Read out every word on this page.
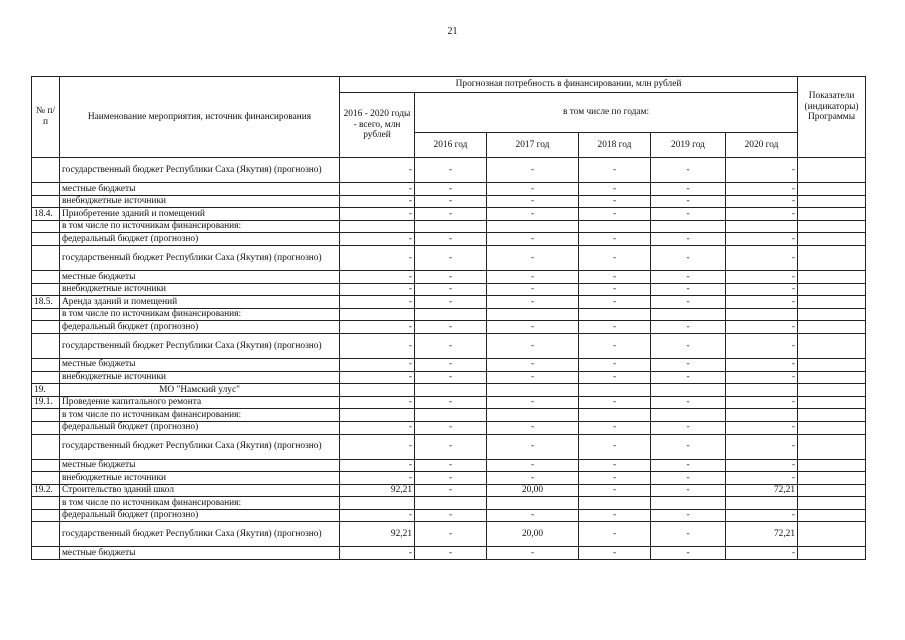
21
№ п/п	Наименование мероприятия, источник финансирования	Прогнозная потребность в финансировании, млн рублей						Показатели (индикаторы) Программы
		2016 - 2020 годы - всего, млн рублей	в том числе по годам:					
			2016 год	2017 год	2018 год	2019 год	2020 год	
	государственный бюджет Республики Саха (Якутия) (прогнозно)	-	-	-	-	-	-	
	местные бюджеты	-	-	-	-	-	-	
	внебюджетные источники	-	-	-	-	-	-	
18.4.	Приобретение зданий и помещений	-	-	-	-	-	-	
	в том числе по источникам финансирования:							
	федеральный бюджет (прогнозно)	-	-	-	-	-	-	
	государственный бюджет Республики Саха (Якутия) (прогнозно)	-	-	-	-	-	-	
	местные бюджеты	-	-	-	-	-	-	
	внебюджетные источники	-	-	-	-	-	-	
18.5.	Аренда зданий и помещений	-	-	-	-	-	-	
	в том числе по источникам финансирования:							
	федеральный бюджет (прогнозно)	-	-	-	-	-	-	
	государственный бюджет Республики Саха (Якутия) (прогнозно)	-	-	-	-	-	-	
	местные бюджеты	-	-	-	-	-	-	
	внебюджетные источники	-	-	-	-	-	-	
19.	МО "Намский улус"							
19.1.	Проведение капитального ремонта	-	-	-	-	-	-	
	в том числе по источникам финансирования:							
	федеральный бюджет (прогнозно)	-	-	-	-	-	-	
	государственный бюджет Республики Саха (Якутия) (прогнозно)	-	-	-	-	-	-	
	местные бюджеты	-	-	-	-	-	-	
	внебюджетные источники	-	-	-	-	-	-	
19.2.	Строительство зданий школ	92,21	-	20,00	-	-	72,21	
	в том числе по источникам финансирования:							
	федеральный бюджет (прогнозно)	-	-	-	-	-	-	
	государственный бюджет Республики Саха (Якутия) (прогнозно)	92,21	-	20,00	-	-	72,21	
	местные бюджеты	-	-	-	-	-	-	
